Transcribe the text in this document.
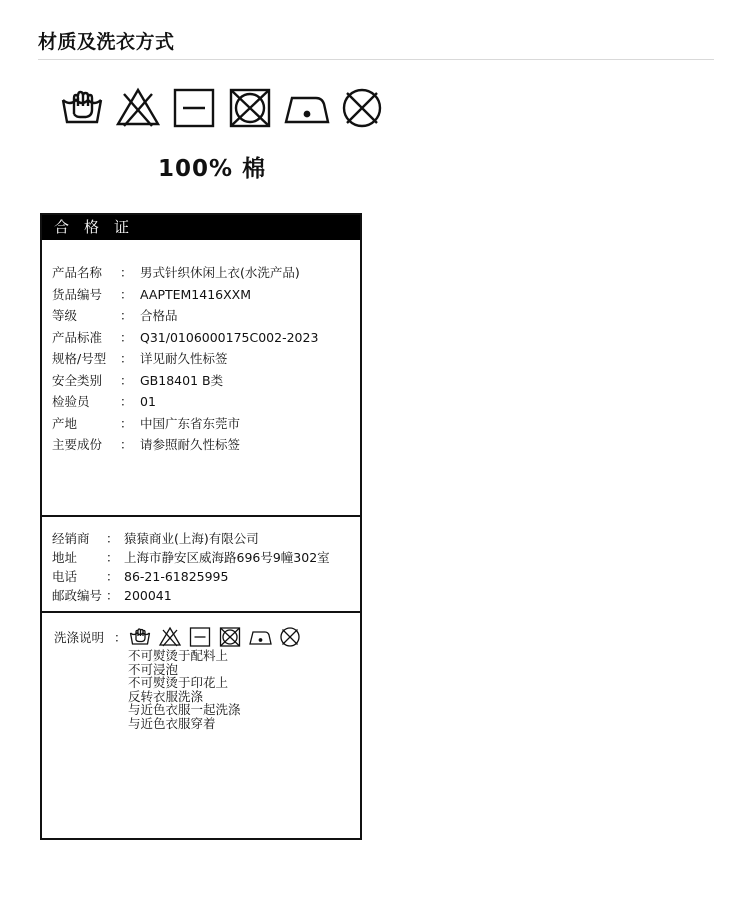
材质及洗衣方式
100% 棉
合格证
产品名称	： 男式针织休闲上衣(水洗产品)
货品编号	： AAPTEM1416XXM
等级	： 合格品
产品标准	： Q31/0106000175C002-2023
规格/号型	： 详见耐久性标签
安全类别	： GB18401 B类
检验员	： 01
产地	： 中国广东省东莞市
主要成份	： 请参照耐久性标签
经销商	： 猿猿商业(上海)有限公司
地址	： 上海市静安区威海路696号9幢302室
电话	： 86-21-61825995
邮政编号 ： 200041
洗涤说明 ：
不可熨烫于配料上
不可浸泡
不可熨烫于印花上
反转衣服洗涤
与近色衣服一起洗涤
与近色衣服穿着
